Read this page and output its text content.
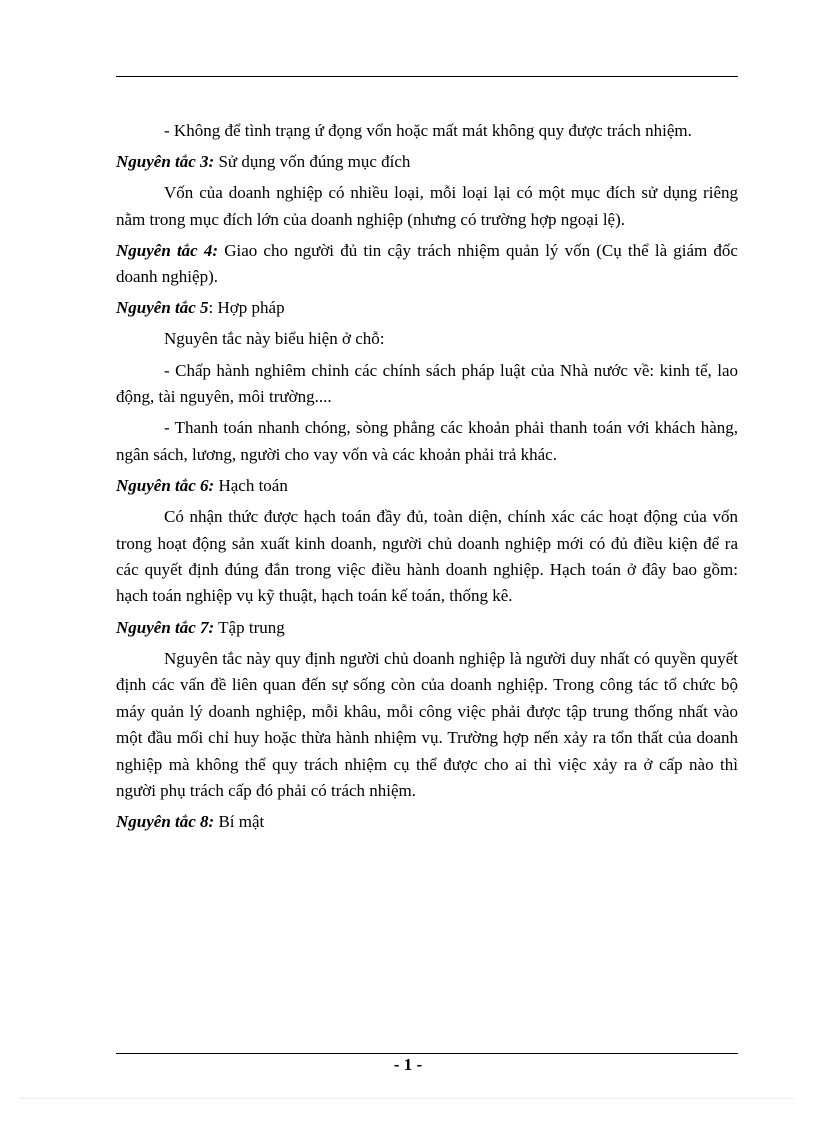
- Không để tình trạng ứ đọng vốn hoặc mất mát không quy được trách nhiệm.

Nguyên tắc 3: Sử dụng vốn đúng mục đích

Vốn của doanh nghiệp có nhiều loại, mỗi loại lại có một mục đích sử dụng riêng nằm trong mục đích lớn của doanh nghiệp (nhưng có trường hợp ngoại lệ).

Nguyên tắc 4: Giao cho người đủ tin cậy trách nhiệm quản lý vốn (Cụ thể là giám đốc doanh nghiệp).

Nguyên tắc 5: Hợp pháp

Nguyên tắc này biểu hiện ở chỗ:

- Chấp hành nghiêm chỉnh các chính sách pháp luật của Nhà nước về: kinh tế, lao động, tài nguyên, môi trường....

- Thanh toán nhanh chóng, sòng phẳng các khoản phải thanh toán với khách hàng, ngân sách, lương, người cho vay vốn và các khoản phải trả khác.

Nguyên tắc 6: Hạch toán

Có nhận thức được hạch toán đầy đủ, toàn diện, chính xác các hoạt động của vốn trong hoạt động sản xuất kinh doanh, người chủ doanh nghiệp mới có đủ điều kiện để ra các quyết định đúng đắn trong việc điều hành doanh nghiệp. Hạch toán ở đây bao gồm: hạch toán nghiệp vụ kỹ thuật, hạch toán kế toán, thống kê.

Nguyên tắc 7: Tập trung

Nguyên tắc này quy định người chủ doanh nghiệp là người duy nhất có quyền quyết định các vấn đề liên quan đến sự sống còn của doanh nghiệp. Trong công tác tổ chức bộ máy quản lý doanh nghiệp, mỗi khâu, mỗi công việc phải được tập trung thống nhất vào một đầu mối chỉ huy hoặc thừa hành nhiệm vụ. Trường hợp nến xảy ra tổn thất của doanh nghiệp mà không thể quy trách nhiệm cụ thể được cho ai thì việc xảy ra ở cấp nào thì người phụ trách cấp đó phải có trách nhiệm.

Nguyên tắc 8: Bí mật

- 1 -
